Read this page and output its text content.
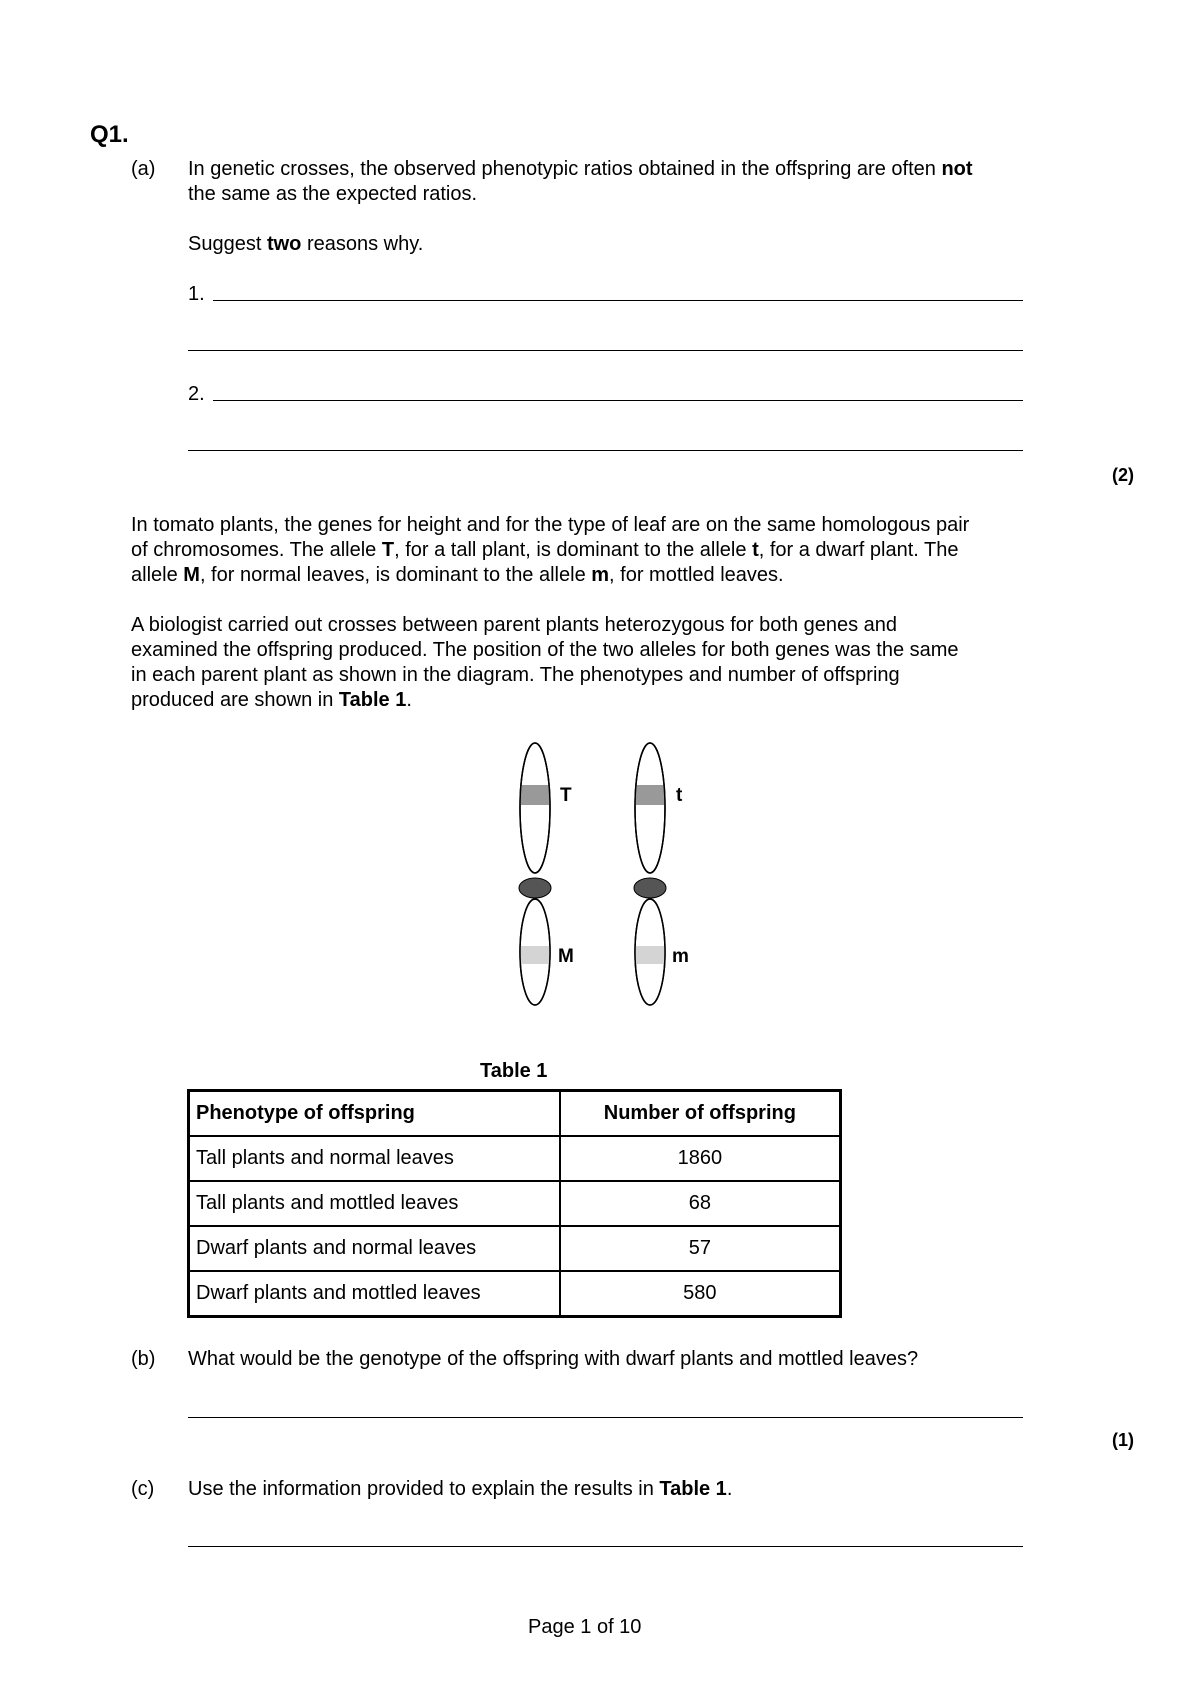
Q1.
(a) In genetic crosses, the observed phenotypic ratios obtained in the offspring are often not
the same as the expected ratios.
Suggest two reasons why.
1.
2.
(2)
In tomato plants, the genes for height and for the type of leaf are on the same homologous pair
of chromosomes. The allele T, for a tall plant, is dominant to the allele t, for a dwarf plant. The
allele M, for normal leaves, is dominant to the allele m, for mottled leaves.
A biologist carried out crosses between parent plants heterozygous for both genes and
examined the offspring produced. The position of the two alleles for both genes was the same
in each parent plant as shown in the diagram. The phenotypes and number of offspring
produced are shown in Table 1.
T
M
t
m
Table 1
Phenotype of offspring	Number of offspring
Tall plants and normal leaves	1860
Tall plants and mottled leaves	68
Dwarf plants and normal leaves	57
Dwarf plants and mottled leaves	580
(b) What would be the genotype of the offspring with dwarf plants and mottled leaves?
(1)
(c) Use the information provided to explain the results in Table 1.
Page 1 of 10
